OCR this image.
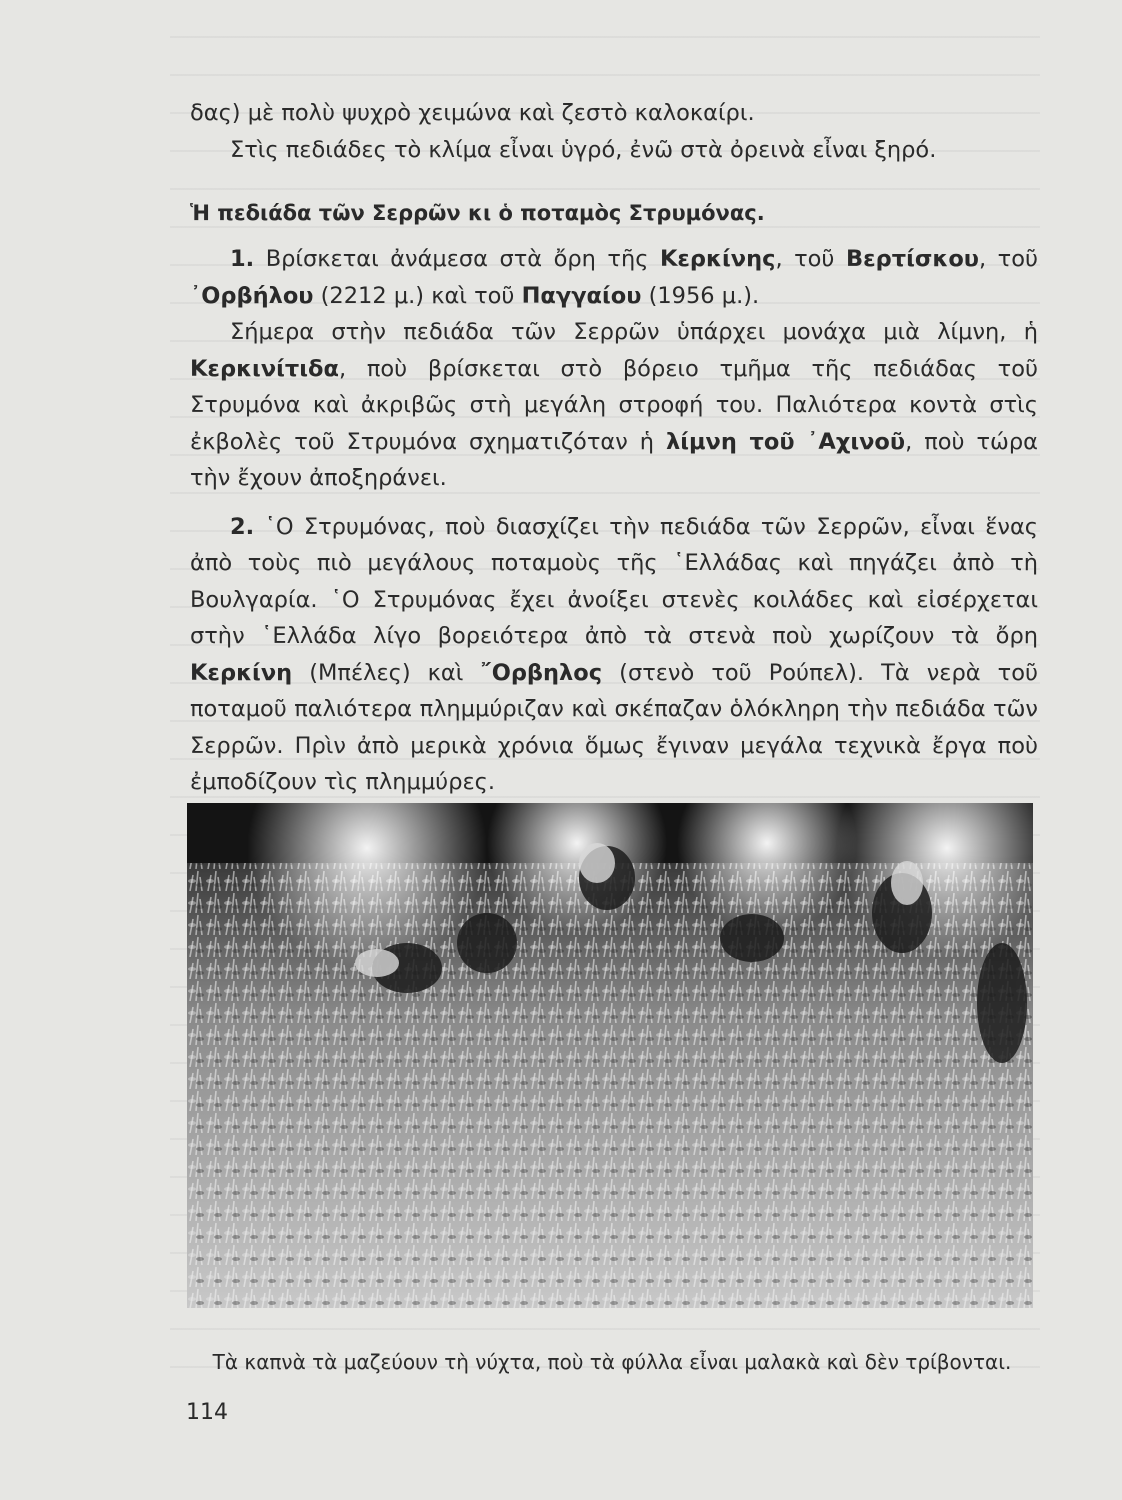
δας) μὲ πολὺ ψυχρὸ χειμώνα καὶ ζεστὸ καλοκαίρι.

Στὶς πεδιάδες τὸ κλίμα εἶναι ὑγρό, ἐνῶ στὰ ὀρεινὰ εἶναι ξηρό.

Ἡ πεδιάδα τῶν Σερρῶν κι ὁ ποταμὸς Στρυμόνας.

1. Βρίσκεται ἀνάμεσα στὰ ὄρη τῆς Κερκίνης, τοῦ Βερτίσκου, τοῦ ᾿Ορβήλου (2212 μ.) καὶ τοῦ Παγγαίου (1956 μ.).

Σήμερα στὴν πεδιάδα τῶν Σερρῶν ὑπάρχει μονάχα μιὰ λίμνη, ἡ Κερκινίτιδα, ποὺ βρίσκεται στὸ βόρειο τμῆμα τῆς πεδιάδας τοῦ Στρυμόνα καὶ ἀκριβῶς στὴ μεγάλη στροφή του. Παλιότερα κοντὰ στὶς ἐκβολὲς τοῦ Στρυμόνα σχηματιζόταν ἡ λίμνη τοῦ ᾿Αχινοῦ, ποὺ τώρα τὴν ἔχουν ἀποξηράνει.

2. ῾Ο Στρυμόνας, ποὺ διασχίζει τὴν πεδιάδα τῶν Σερρῶν, εἶναι ἕνας ἀπὸ τοὺς πιὸ μεγάλους ποταμοὺς τῆς ῾Ελλάδας καὶ πηγάζει ἀπὸ τὴ Βουλγαρία. ῾Ο Στρυμόνας ἔχει ἀνοίξει στενὲς κοιλάδες καὶ εἰσέρχεται στὴν ῾Ελλάδα λίγο βορειότερα ἀπὸ τὰ στενὰ ποὺ χωρίζουν τὰ ὄρη Κερκίνη (Μπέλες) καὶ ῎Ορβηλος (στενὸ τοῦ Ρούπελ). Τὰ νερὰ τοῦ ποταμοῦ παλιότερα πλημμύριζαν καὶ σκέπαζαν ὁλόκληρη τὴν πεδιάδα τῶν Σερρῶν. Πρὶν ἀπὸ μερικὰ χρόνια ὅμως ἔγιναν μεγάλα τεχνικὰ ἔργα ποὺ ἐμποδίζουν τὶς πλημμύρες.

Τὰ καπνὰ τὰ μαζεύουν τὴ νύχτα, ποὺ τὰ φύλλα εἶναι μαλακὰ καὶ δὲν τρίβονται.
114
